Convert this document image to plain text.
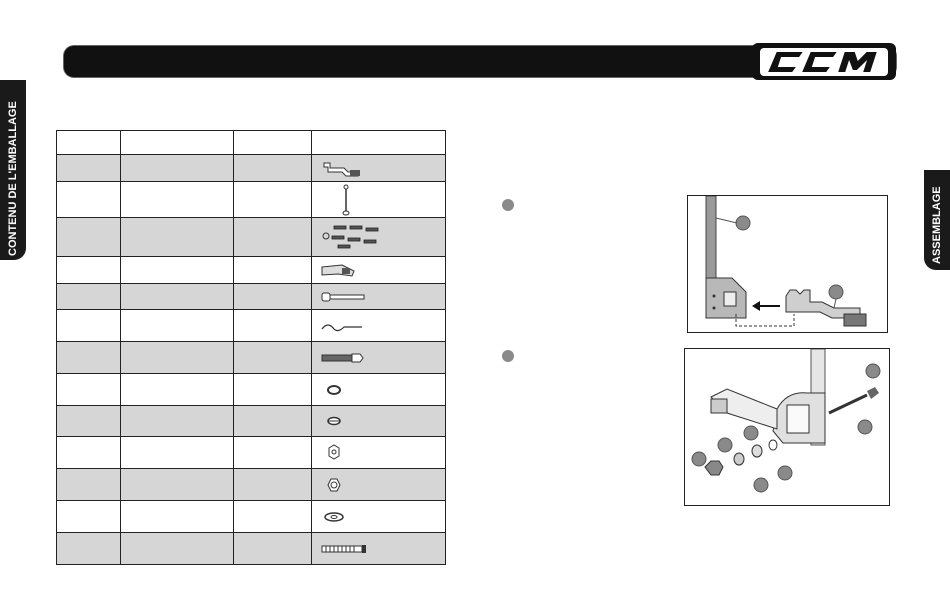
CONTENU DE L'EMBALLAGE	ASSEMBLAGE
